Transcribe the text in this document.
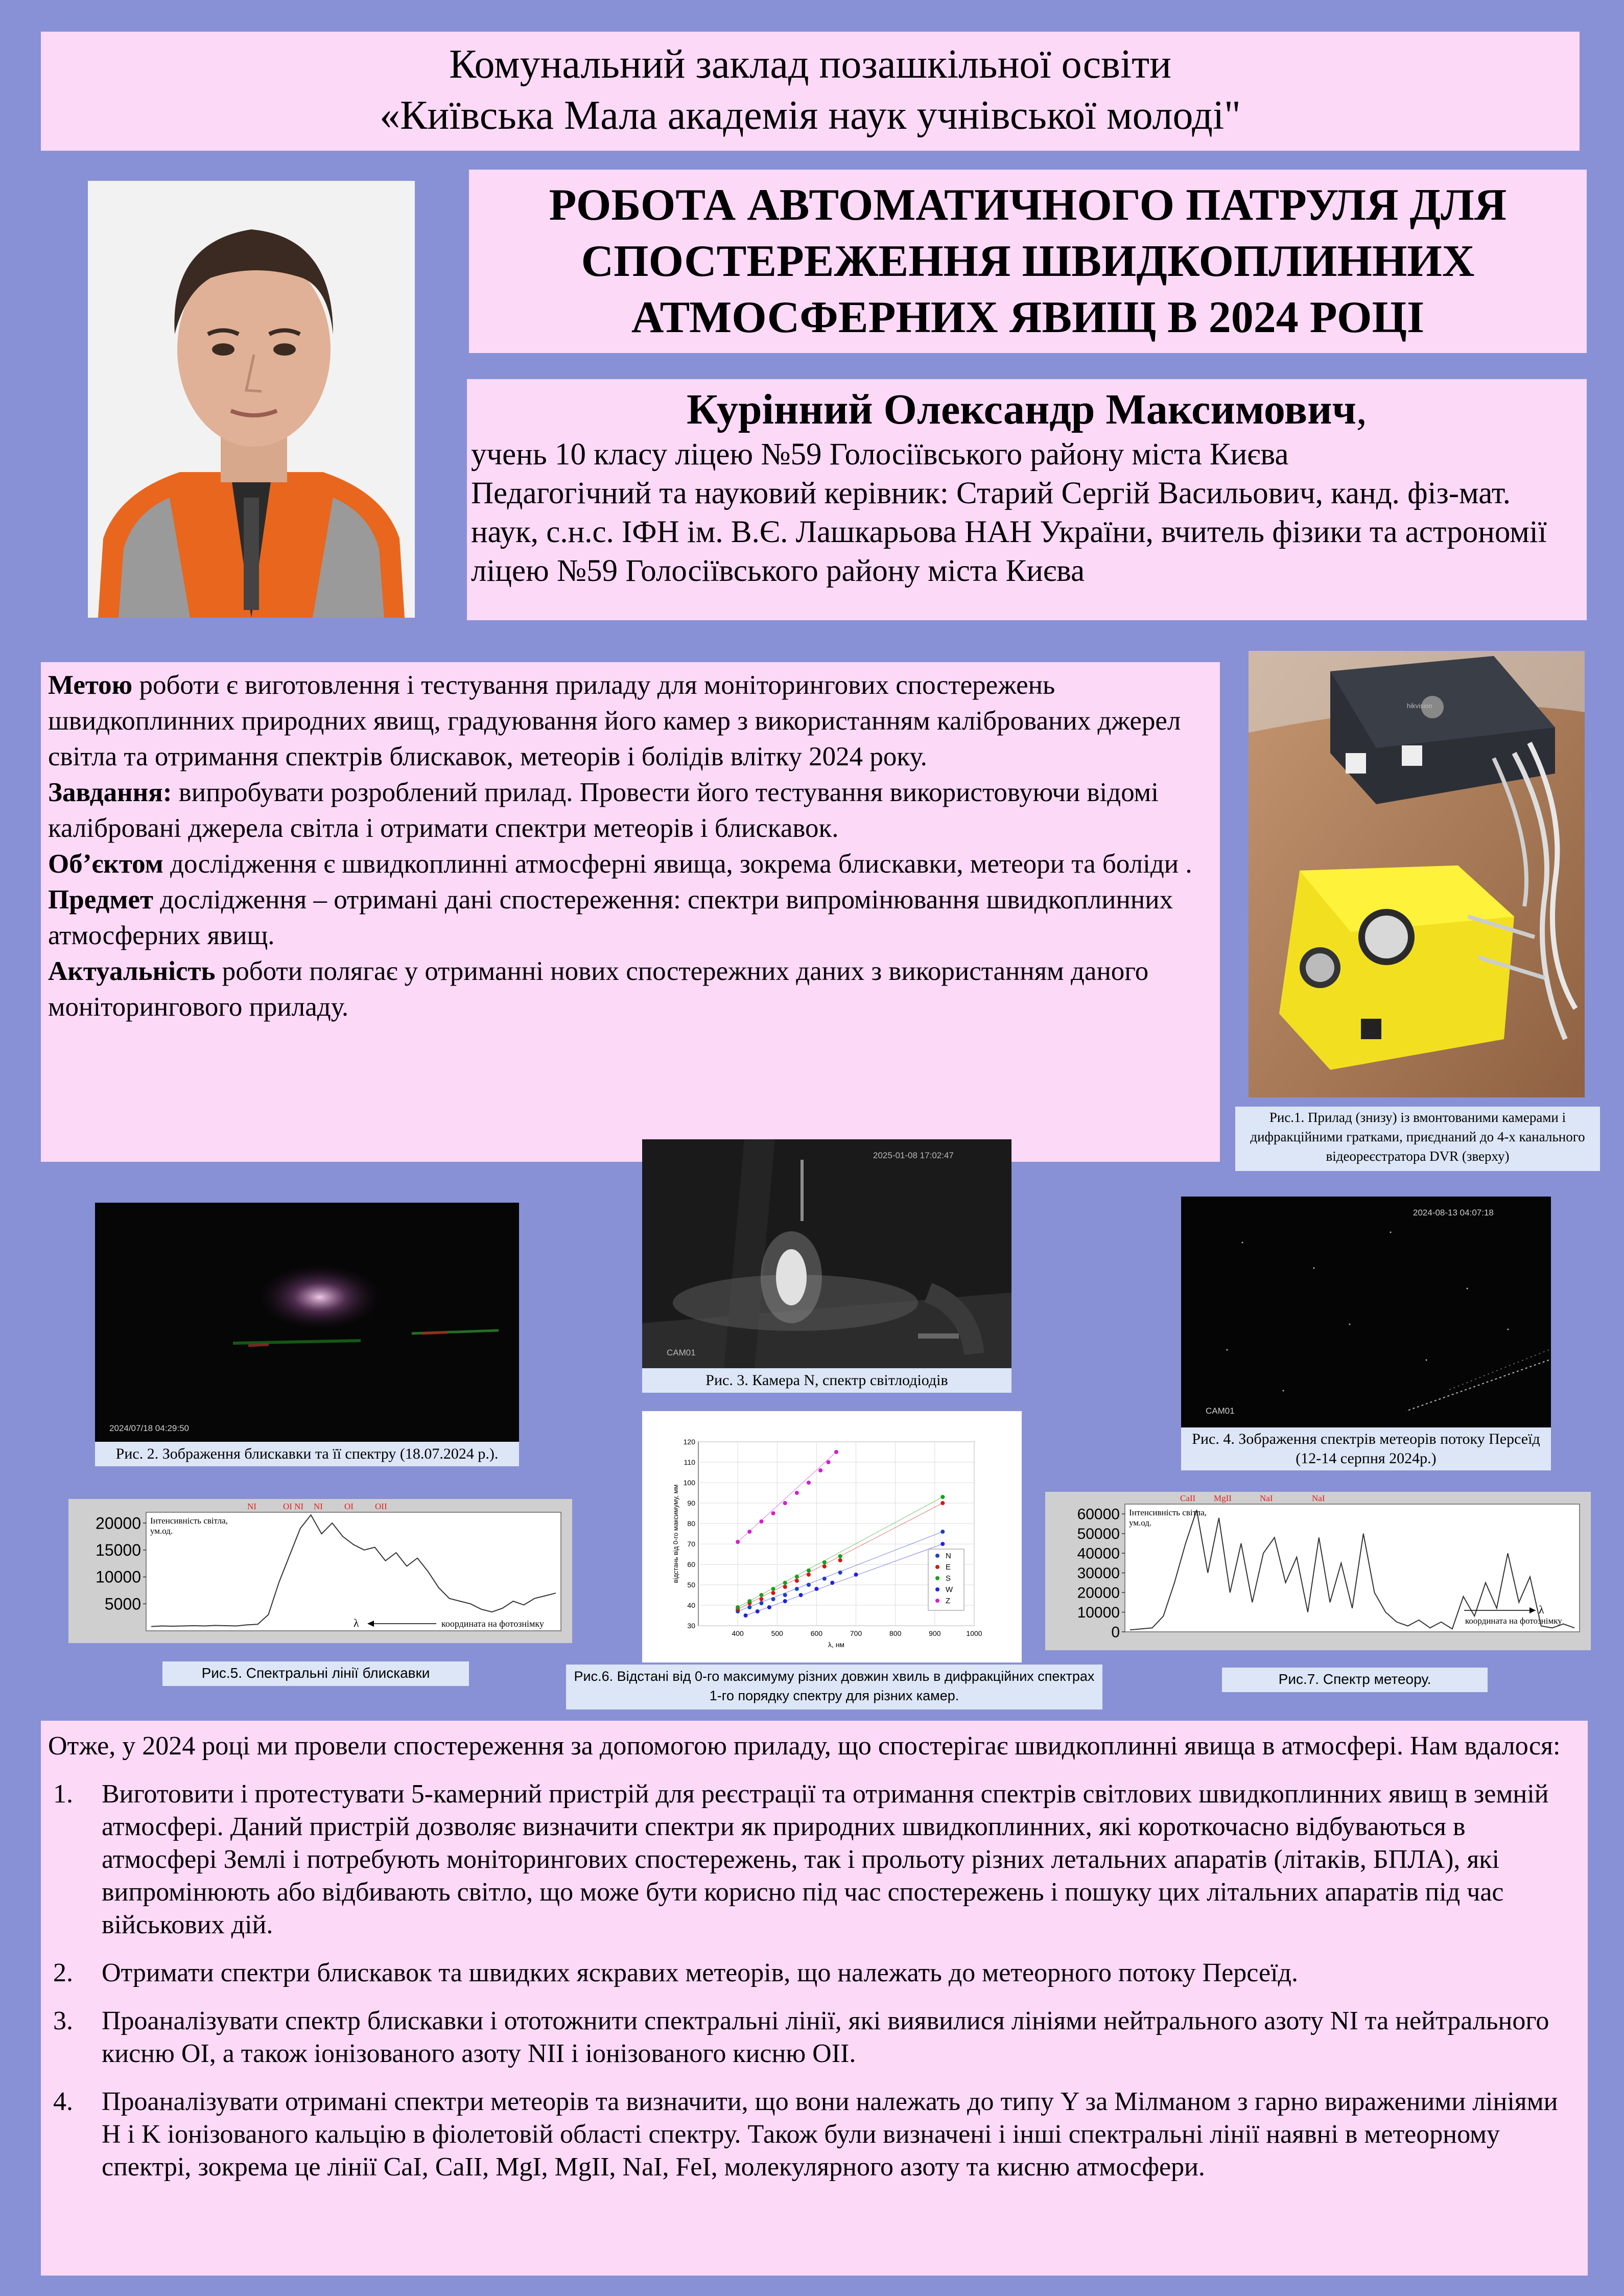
Комунальний заклад позашкільної освіти
«Київська Мала академія наук учнівської молоді"
РОБОТА АВТОМАТИЧНОГО ПАТРУЛЯ ДЛЯ СПОСТЕРЕЖЕННЯ ШВИДКОПЛИННИХ АТМОСФЕРНИХ ЯВИЩ В 2024 РОЦІ
Курінний Олександр Максимович,
учень 10 класу ліцею №59 Голосіївського району міста Києва
Педагогічний та науковий керівник: Старий Сергій Васильович, канд. фіз-мат. наук, с.н.с. ІФН ім. В.Є. Лашкарьова НАН України, вчитель фізики та астрономії ліцею №59 Голосіївського району міста Києва

Метою роботи є виготовлення і тестування приладу для моніторингових спостережень швидкоплинних природних явищ, градуювання його камер з використанням каліброваних джерел світла та отримання спектрів блискавок, метеорів і болідів влітку 2024 року.

Завдання: випробувати розроблений прилад. Провести його тестування використовуючи відомі калібровані джерела світла і отримати спектри метеорів і блискавок.

Об’єктом дослідження є швидкоплинні атмосферні явища, зокрема блискавки, метеори та боліди .

Предмет дослідження – отримані дані спостереження: спектри випромінювання швидкоплинних атмосферних явищ.

Актуальність роботи полягає у отриманні нових спостережних даних з використанням даного моніторингового приладу.

hikvision
Рис.1. Прилад (знизу) із вмонтованими камерами і дифракційними гратками, приєднаний до 4-х канального відеореєстратора DVR (зверху)
2024/07/18 04:29:50
Рис. 2. Зображення блискавки та її спектру (18.07.2024 р.).
2025-01-08 17:02:47
CAM01
Рис. 3. Камера N, спектр світлодіодів
2024-08-13 04:07:18
CAM01
Рис. 4. Зображення спектрів метеорів потоку Персеїд (12-14 серпня 2024р.)
20000
15000
10000
5000
Інтенсивність світла,
ум.од.
NI	OI NI NI OI OII
λ	координата на фотознімку
Рис.5. Спектральні лінії блискавки
400	500	600	700	800	900	1000
30
40
50
60
70
80
90
100
110
120
λ, нм
відстань від 0-го максимуму, мм	N
E
S
W
Z
Рис.6. Відстані від 0-го максимуму різних довжин хвиль в дифракційних спектрах 1-го порядку спектру для різних камер.
60000
50000
40000
30000
20000
10000
0
Інтенсивність світла,
ум.од.
CaII MgII	NaI	NaI
λ
координата на фотознімку
Рис.7. Спектр метеору.

Отже, у 2024 році ми провели спостереження за допомогою приладу, що спостерігає швидкоплинні явища в атмосфері. Нам вдалося:

1. Виготовити і протестувати 5-камерний пристрій для реєстрації та отримання спектрів світлових швидкоплинних явищ в земній атмосфері. Даний пристрій дозволяє визначити спектри як природних швидкоплинних, які короткочасно відбуваються в атмосфері Землі і потребують моніторингових спостережень, так і прольоту різних летальних апаратів (літаків, БПЛА), які випромінюють або відбивають світло, що може бути корисно під час спостережень і пошуку цих літальних апаратів під час військових дій.
2. Отримати спектри блискавок та швидких яскравих метеорів, що належать до метеорного потоку Персеїд.
3. Проаналізувати спектр блискавки і ототожнити спектральні лінії, які виявилися лініями нейтрального азоту NI та нейтрального кисню OI, а також іонізованого азоту NII і іонізованого кисню OII.
4. Проаналізувати отримані спектри метеорів та визначити, що вони належать до типу Y за Мілманом з гарно вираженими лініями H і K іонізованого кальцію в фіолетовій області спектру. Також були визначені і інші спектральні лінії наявні в метеорному спектрі, зокрема це лінії CaI, CaII, MgI, MgII, NaI, FeI, молекулярного азоту та кисню атмосфери.
